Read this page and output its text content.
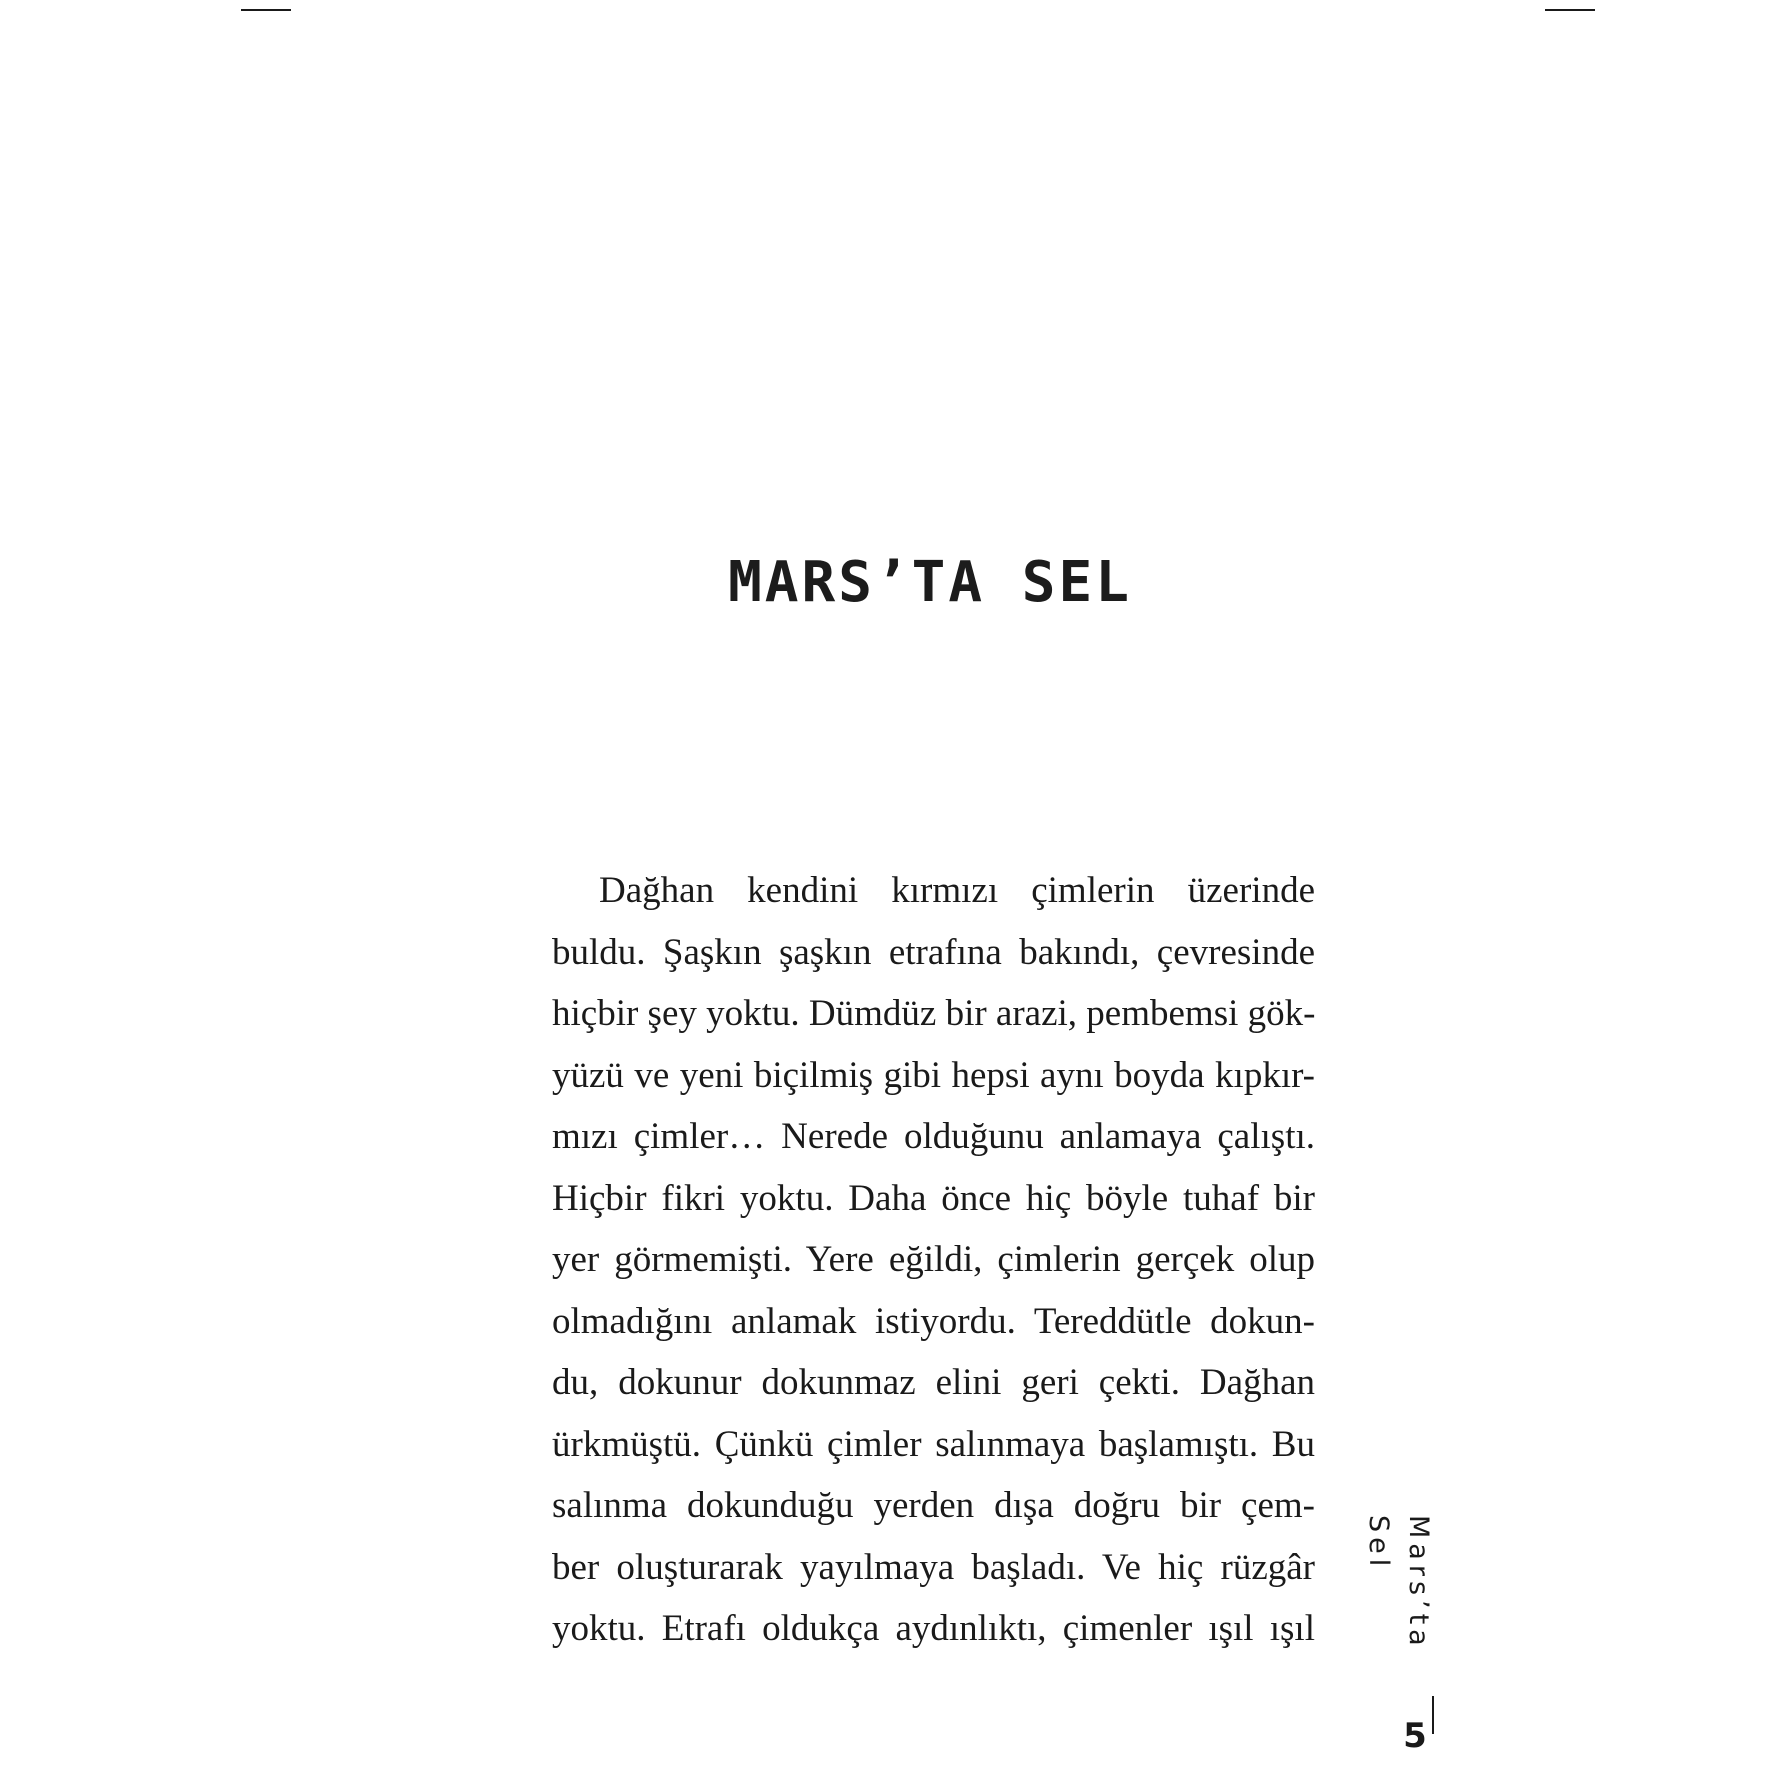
MARS’TA SEL
Dağhan kendini kırmızı çimlerin üzerinde
buldu. Şaşkın şaşkın etrafına bakındı, çevresinde
hiçbir şey yoktu. Dümdüz bir arazi, pembemsi gök-
yüzü ve yeni biçilmiş gibi hepsi aynı boyda kıpkır-
mızı çimler… Nerede olduğunu anlamaya çalıştı.
Hiçbir fikri yoktu. Daha önce hiç böyle tuhaf bir
yer görmemişti. Yere eğildi, çimlerin gerçek olup
olmadığını anlamak istiyordu. Tereddütle dokun-
du, dokunur dokunmaz elini geri çekti. Dağhan
ürkmüştü. Çünkü çimler salınmaya başlamıştı. Bu
salınma dokunduğu yerden dışa doğru bir çem-
ber oluşturarak yayılmaya başladı. Ve hiç rüzgâr
yoktu. Etrafı oldukça aydınlıktı, çimenler ışıl ışıl	Mars’ta Sel
5
